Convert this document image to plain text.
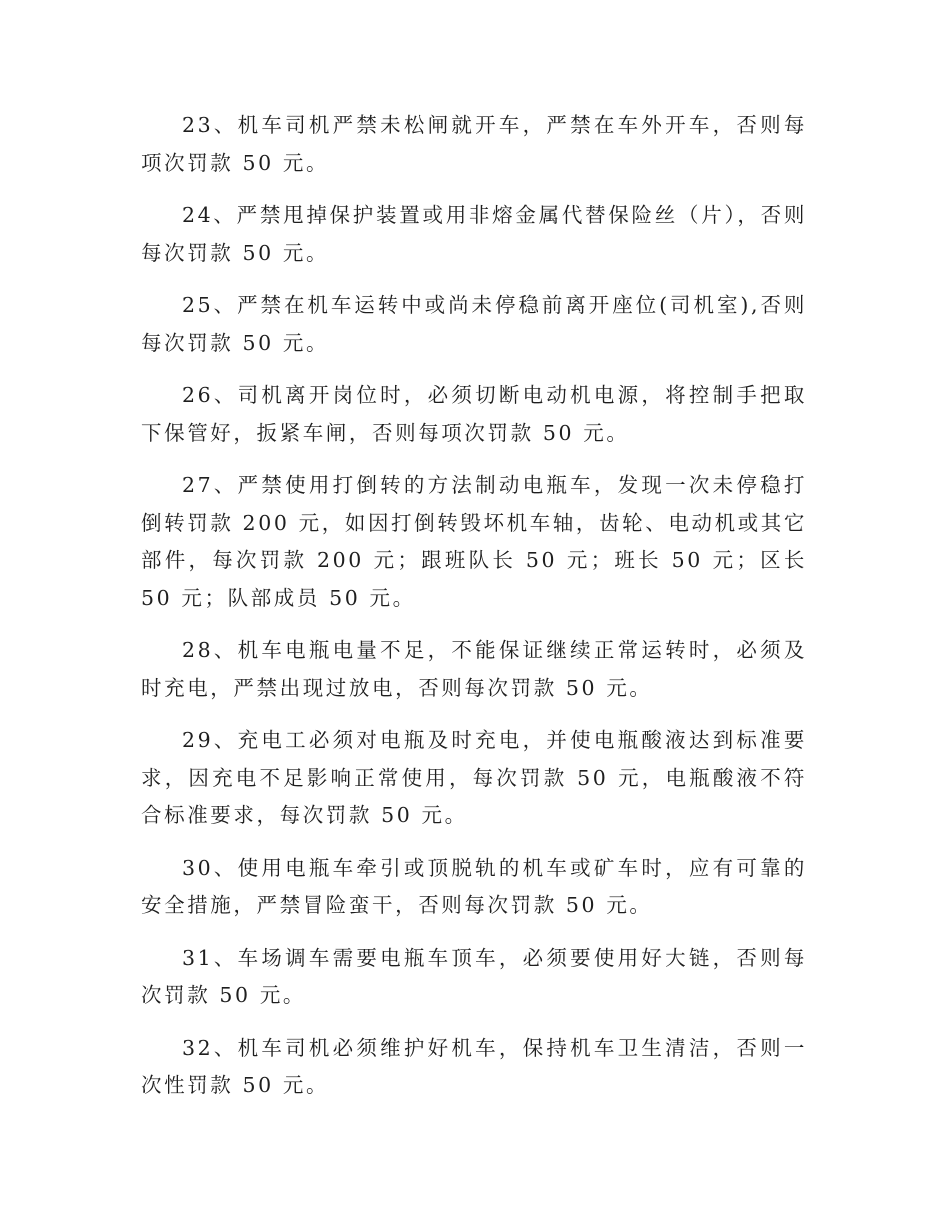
23、机车司机严禁未松闸就开车，严禁在车外开车，否则每项次罚款 50 元。

24、严禁甩掉保护装置或用非熔金属代替保险丝（片），否则每次罚款 50 元。

25、严禁在机车运转中或尚未停稳前离开座位(司机室),否则每次罚款 50 元。

26、司机离开岗位时，必须切断电动机电源，将控制手把取下保管好，扳紧车闸，否则每项次罚款 50 元。

27、严禁使用打倒转的方法制动电瓶车，发现一次未停稳打倒转罚款 200 元，如因打倒转毁坏机车轴，齿轮、电动机或其它部件，每次罚款 200 元；跟班队长 50 元；班长 50 元；区长 50 元；队部成员 50 元。

28、机车电瓶电量不足，不能保证继续正常运转时，必须及时充电，严禁出现过放电，否则每次罚款 50 元。

29、充电工必须对电瓶及时充电，并使电瓶酸液达到标准要求，因充电不足影响正常使用，每次罚款 50 元，电瓶酸液不符合标准要求，每次罚款 50 元。

30、使用电瓶车牵引或顶脱轨的机车或矿车时，应有可靠的安全措施，严禁冒险蛮干，否则每次罚款 50 元。

31、车场调车需要电瓶车顶车，必须要使用好大链，否则每次罚款 50 元。

32、机车司机必须维护好机车，保持机车卫生清洁，否则一次性罚款 50 元。
